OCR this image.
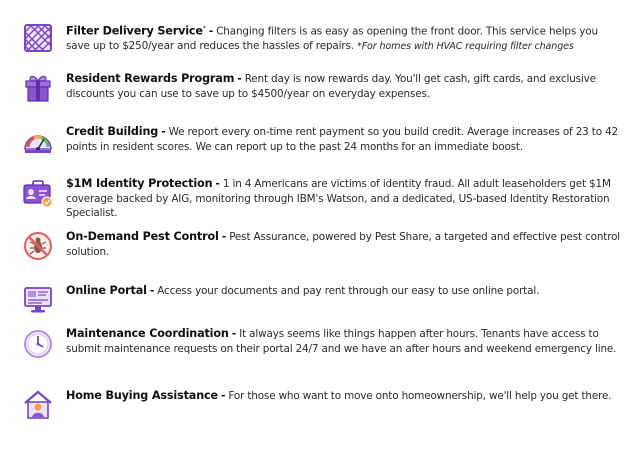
Filter Delivery Service* - Changing filters is as easy as opening the front door. This service helps you save up to $250/year and reduces the hassles of repairs. *For homes with HVAC requiring filter changes
Resident Rewards Program - Rent day is now rewards day. You'll get cash, gift cards, and exclusive discounts you can use to save up to $4500/year on everyday expenses.
Credit Building - We report every on-time rent payment so you build credit. Average increases of 23 to 42 points in resident scores. We can report up to the past 24 months for an immediate boost.
$1M Identity Protection - 1 in 4 Americans are victims of identity fraud. All adult leaseholders get $1M coverage backed by AIG, monitoring through IBM's Watson, and a dedicated, US-based Identity Restoration Specialist.
On-Demand Pest Control - Pest Assurance, powered by Pest Share, a targeted and effective pest control solution.
Online Portal - Access your documents and pay rent through our easy to use online portal.
Maintenance Coordination - It always seems like things happen after hours. Tenants have access to submit maintenance requests on their portal 24/7 and we have an after hours and weekend emergency line.
Home Buying Assistance - For those who want to move onto homeownership, we'll help you get there.
